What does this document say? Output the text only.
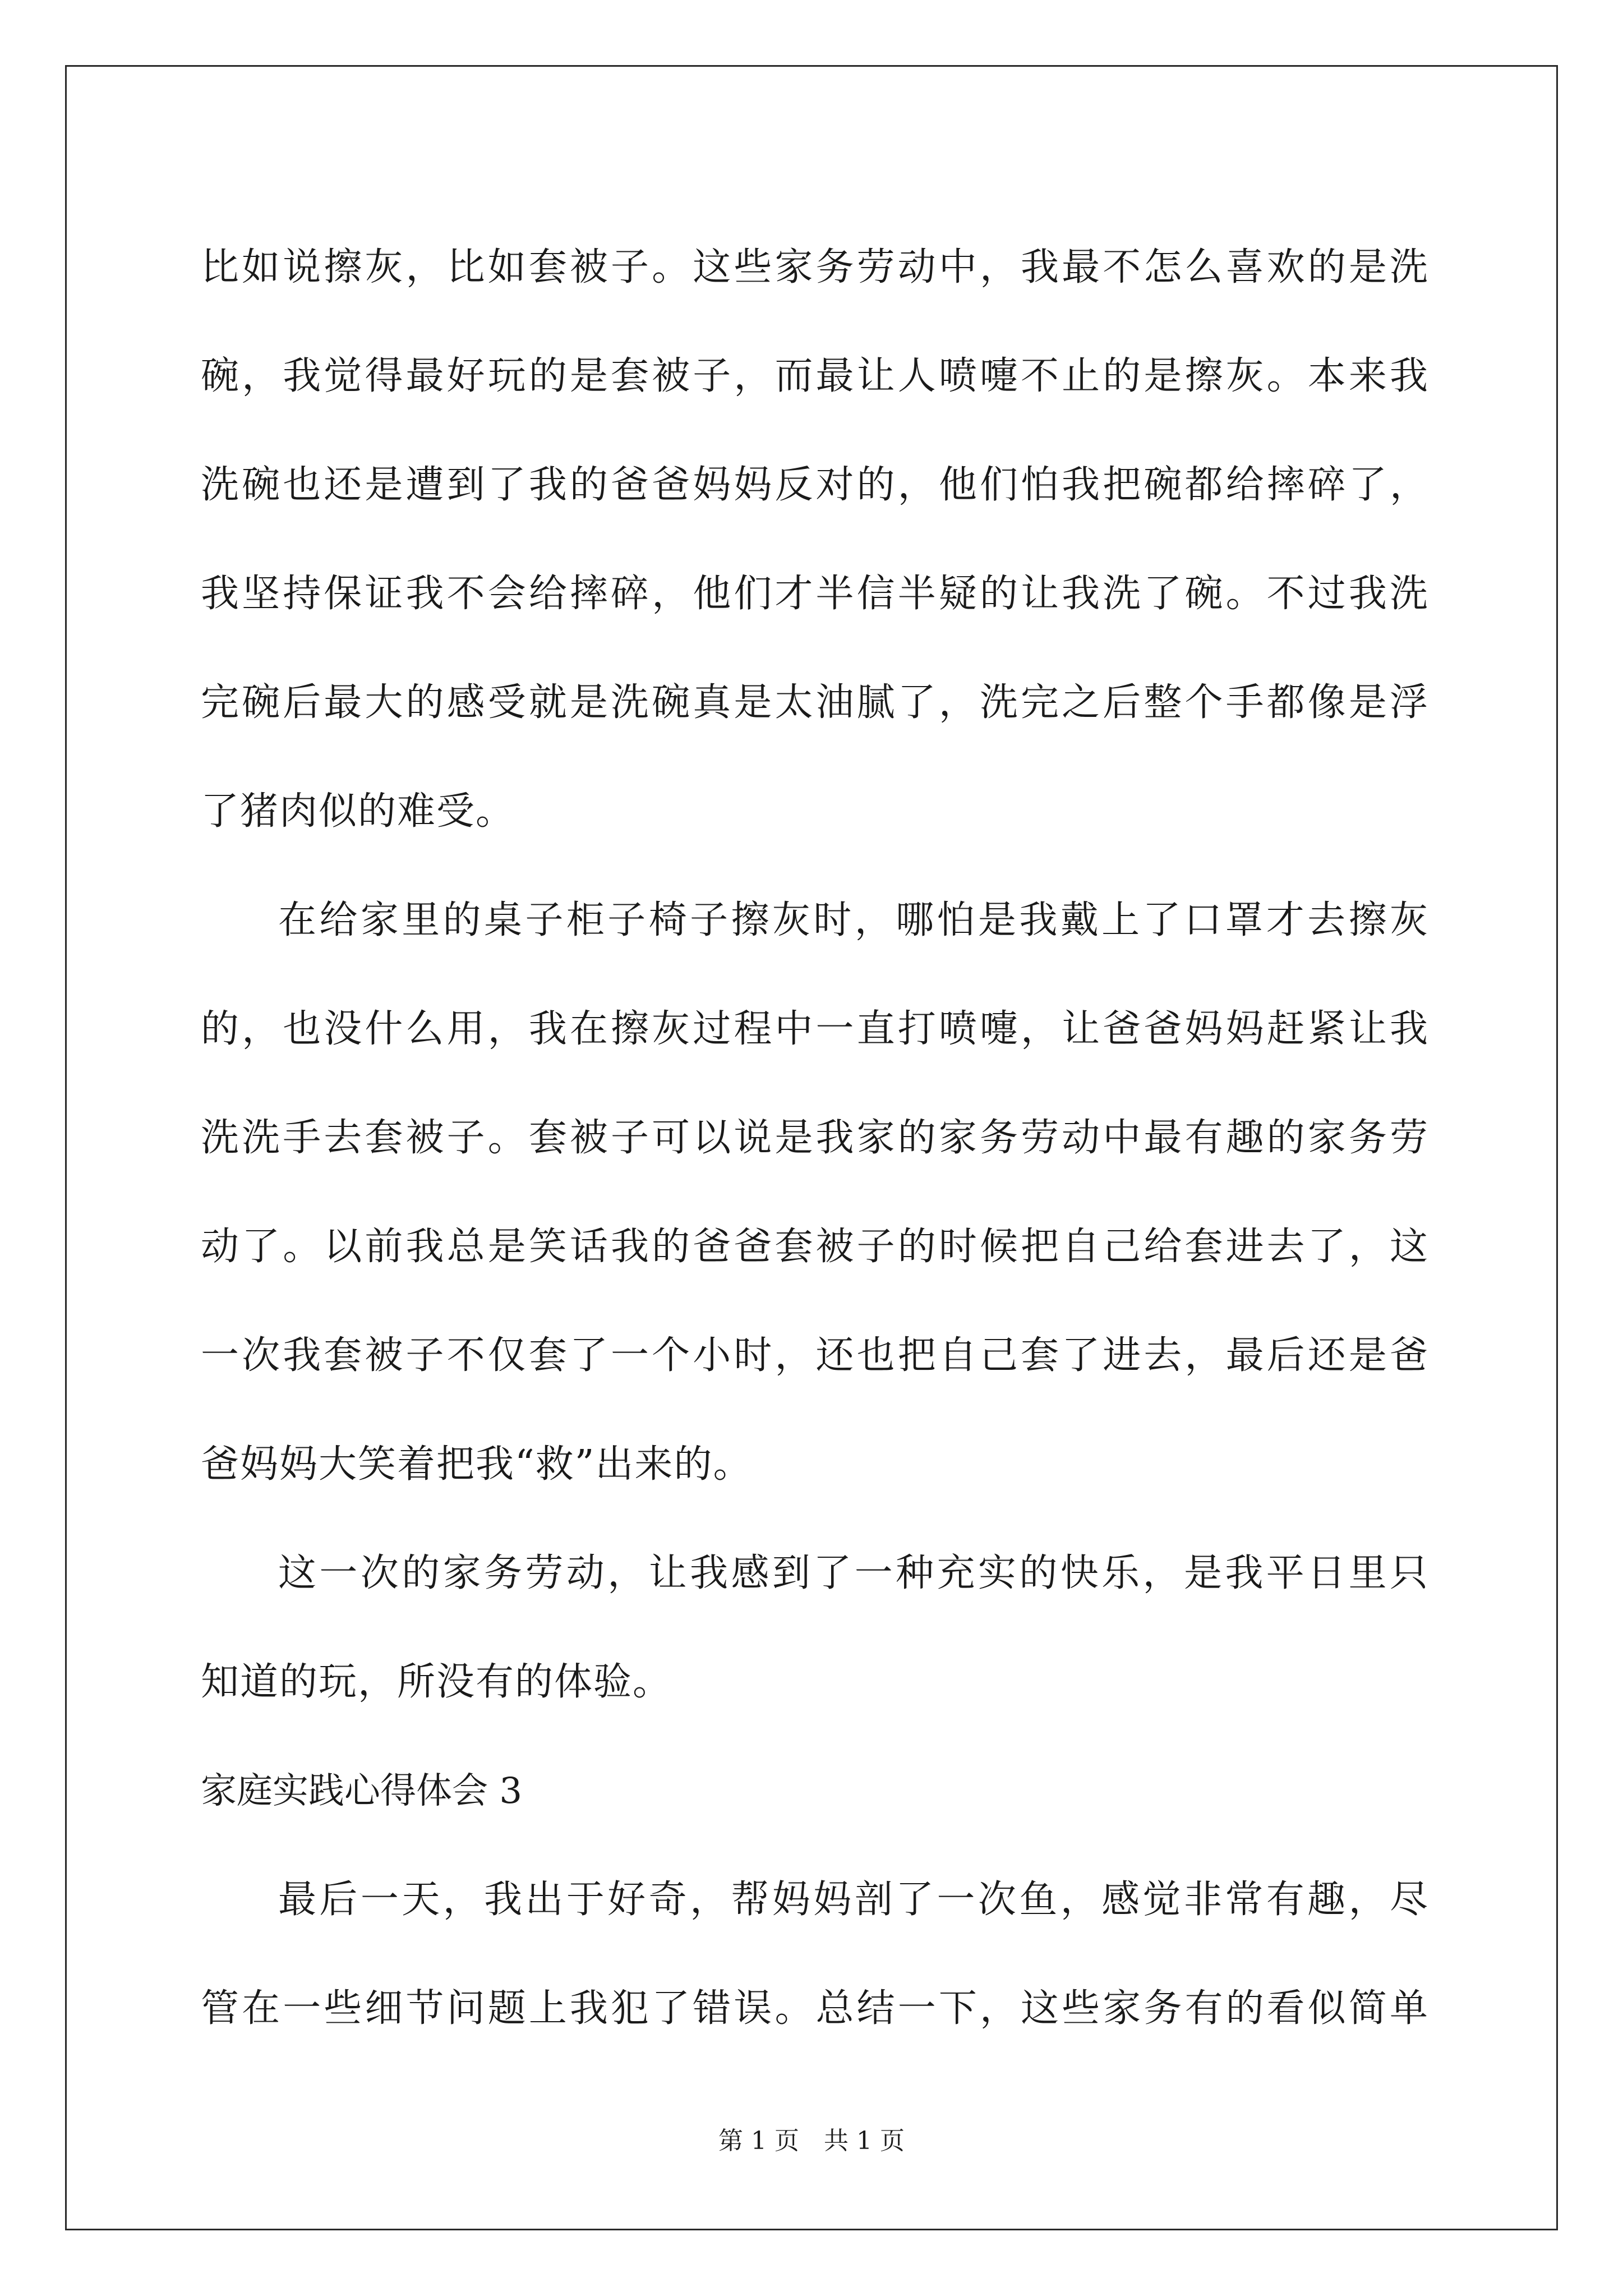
比如说擦灰，比如套被子。这些家务劳动中，我最不怎么喜欢的是洗
碗，我觉得最好玩的是套被子，而最让人喷嚏不止的是擦灰。本来我
洗碗也还是遭到了我的爸爸妈妈反对的，他们怕我把碗都给摔碎了，
我坚持保证我不会给摔碎，他们才半信半疑的让我洗了碗。不过我洗
完碗后最大的感受就是洗碗真是太油腻了，洗完之后整个手都像是浮
了猪肉似的难受。
在给家里的桌子柜子椅子擦灰时，哪怕是我戴上了口罩才去擦灰
的，也没什么用，我在擦灰过程中一直打喷嚏，让爸爸妈妈赶紧让我
洗洗手去套被子。套被子可以说是我家的家务劳动中最有趣的家务劳
动了。以前我总是笑话我的爸爸套被子的时候把自己给套进去了，这
一次我套被子不仅套了一个小时，还也把自己套了进去，最后还是爸
爸妈妈大笑着把我“救”出来的。
这一次的家务劳动，让我感到了一种充实的快乐，是我平日里只
知道的玩，所没有的体验。
家庭实践心得体会 3
最后一天，我出于好奇，帮妈妈剖了一次鱼，感觉非常有趣，尽
管在一些细节问题上我犯了错误。总结一下，这些家务有的看似简单
第 1 页　共 1 页
